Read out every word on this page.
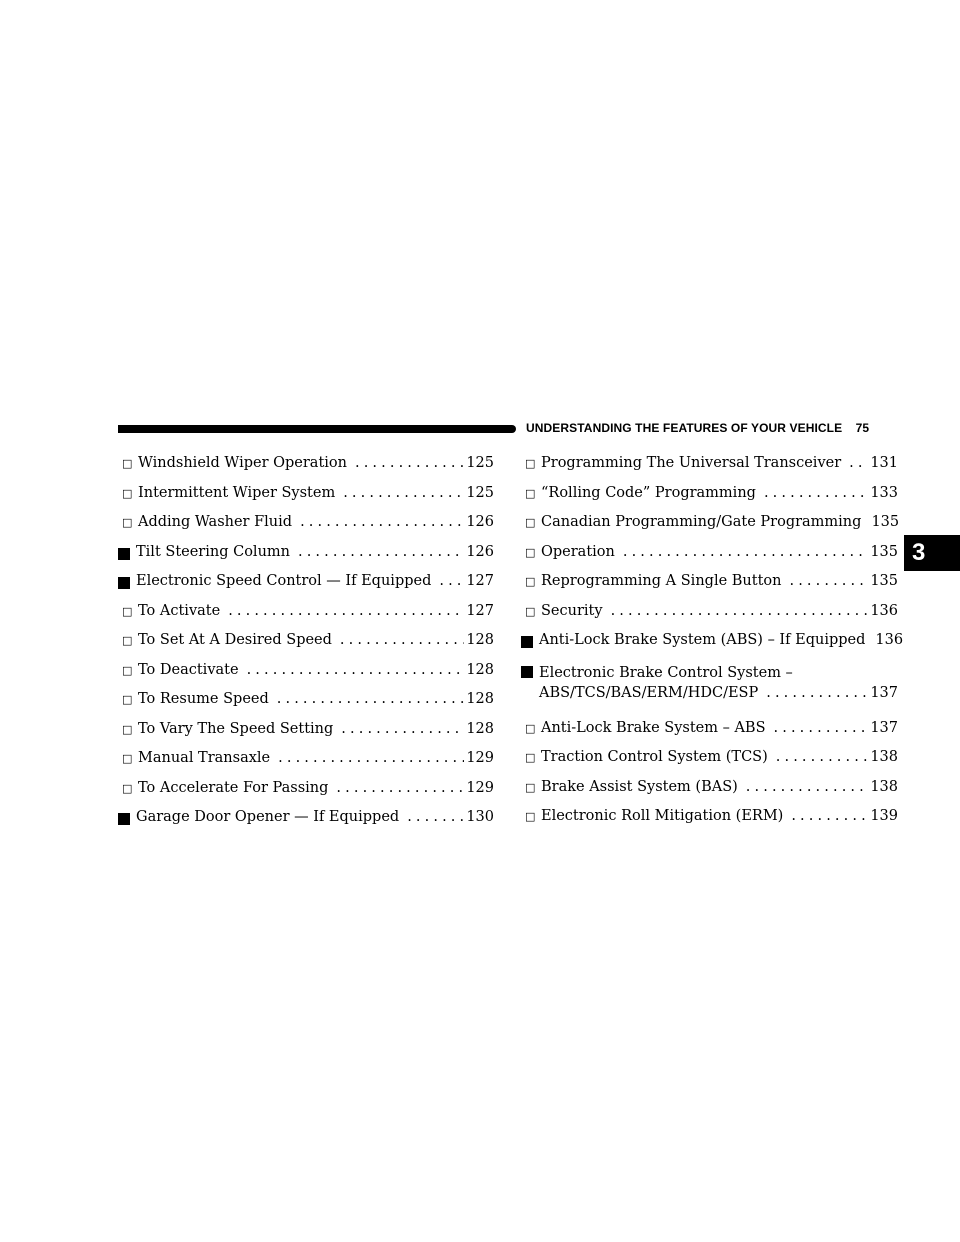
UNDERSTANDING THE FEATURES OF YOUR VEHICLE 75
3
□ Windshield Wiper Operation . . .	125
□ Intermittent Wiper System . . .	125
□ Adding Washer Fluid . . .	126
Tilt Steering Column . . .	126
Electronic Speed Control — If Equipped . . . 127
□ To Activate . . .	127
□ To Set At A Desired Speed . . .	128
□ To Deactivate . . .	128
□ To Resume Speed . . .	128
□ To Vary The Speed Setting . . .	128
□ Manual Transaxle . . .	129
□ To Accelerate For Passing . . .	129
Garage Door Opener — If Equipped . . .	130
□ Programming The Universal Transceiver . . . 131
□ “Rolling Code” Programming . . .	133
□ Canadian Programming/Gate Programming 135
□ Operation . . .	135
□ Reprogramming A Single Button . . .	135
□ Security . . .	136
Anti-Lock Brake System (ABS) – If Equipped 136
Electronic Brake Control System –
ABS/TCS/BAS/ERM/HDC/ESP . . .	137
□ Anti-Lock Brake System – ABS . . .	137
□ Traction Control System (TCS) . . .	138
□ Brake Assist System (BAS) . . .	138
□ Electronic Roll Mitigation (ERM) . . .	139
